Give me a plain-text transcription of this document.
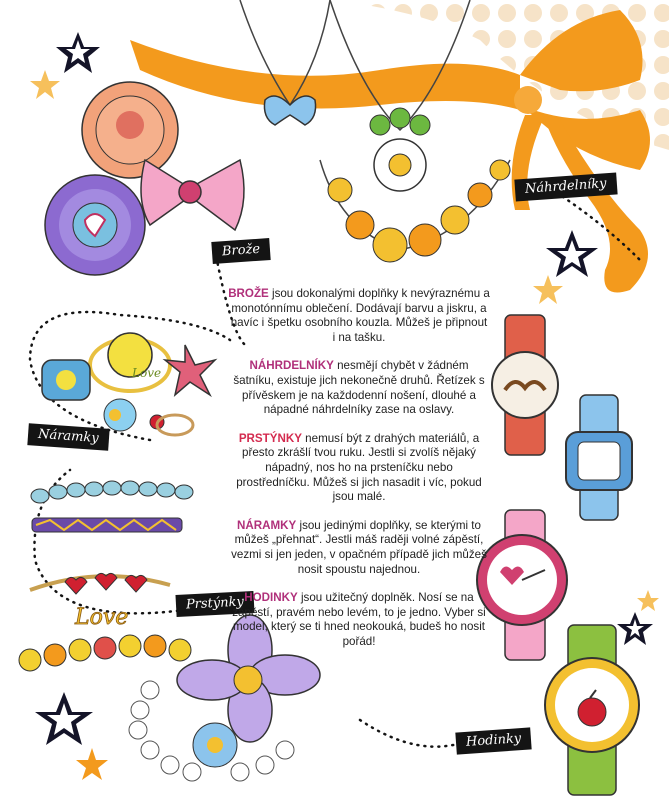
Love
Brože
Náhrdelníky
Náramky
Prstýnky
Hodinky

BROŽE jsou dokonalými doplňky k nevýraznému a monotónnímu oblečení. Dodávají barvu a jiskru, a navíc i špetku osobního kouzla. Můžeš je připnout i na tašku.

NÁHRDELNÍKY nesmějí chybět v žádném šatníku, existuje jich nekonečně druhů. Řetízek s přívěskem je na každodenní nošení, dlouhé a nápadné náhrdelníky zase na oslavy.

PRSTÝNKY nemusí být z drahých materiálů, a přesto zkrášlí tvou ruku. Jestli si zvolíš nějaký nápadný, nos ho na prsteníčku nebo prostředníčku. Můžeš si jich nasadit i víc, pokud jsou malé.

NÁRAMKY jsou jedinými doplňky, se kterými to můžeš „přehnat“. Jestli máš raději volné zápěstí, vezmi si jen jeden, v opačném případě jich můžeš nosit spoustu najednou.

HODINKY jsou užitečný doplněk. Nosí se na zápěstí, pravém nebo levém, to je jedno. Vyber si model, který se ti hned neokouká, budeš ho nosit pořád!

Love
